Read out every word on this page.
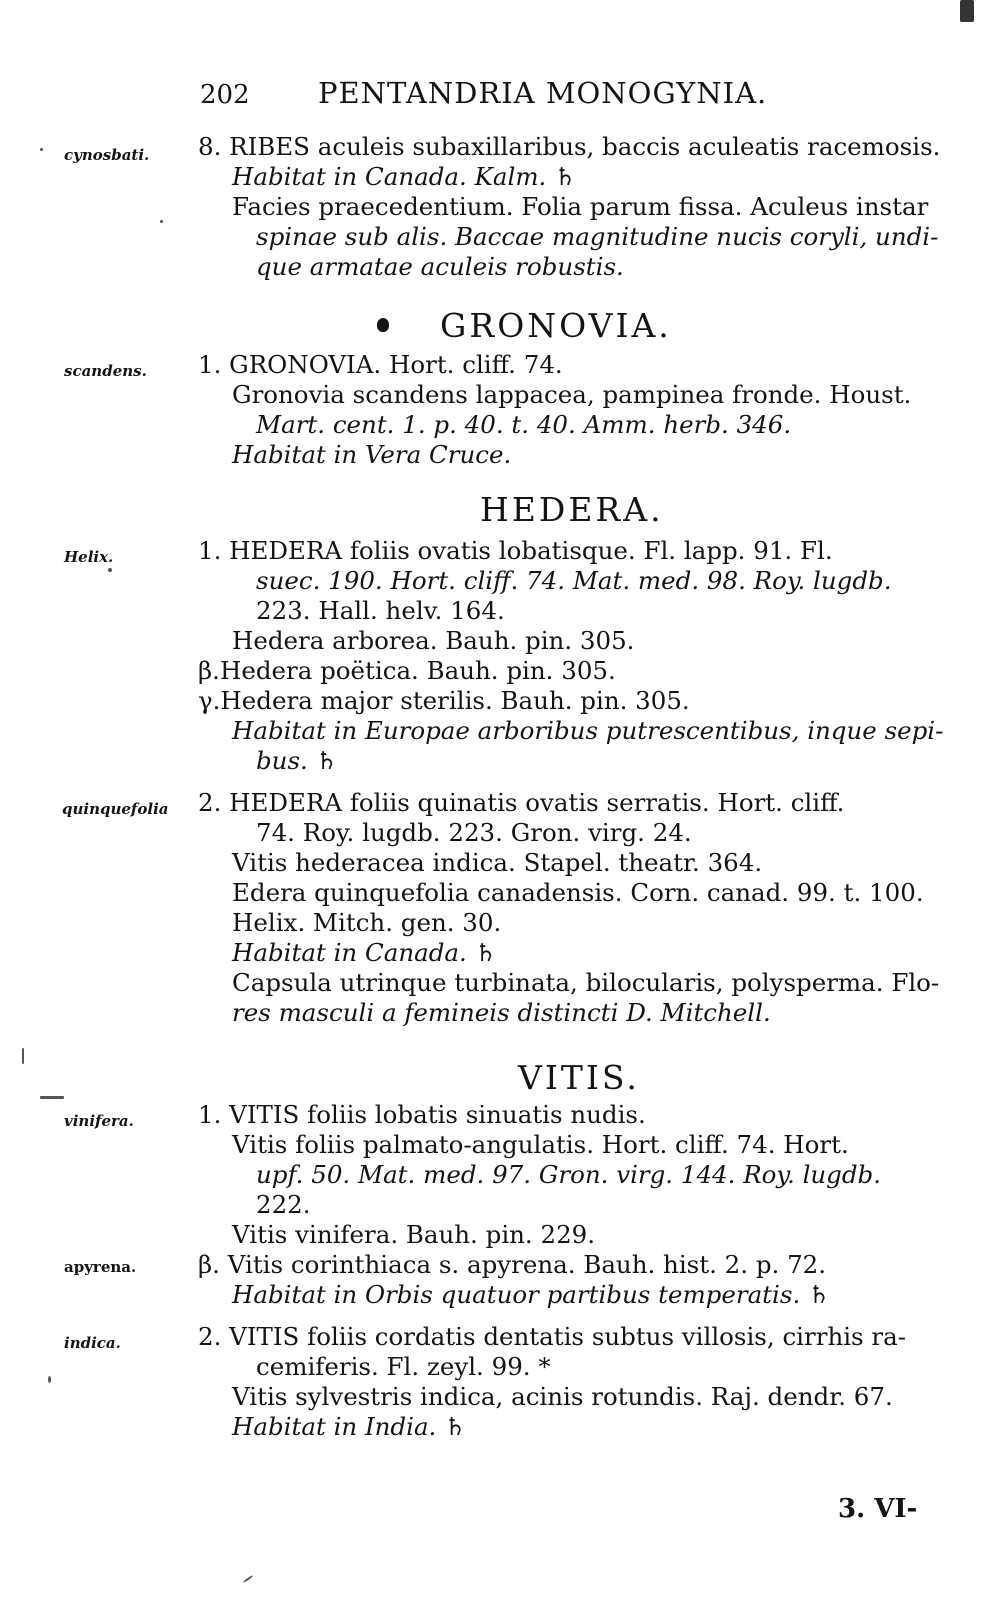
202 PENTANDRIA MONOGYNIA.
cynosbati. 8. RIBES aculeis subaxillaribus, baccis aculeatis racemosis.
Habitat in Canada. Kalm. ♄
Facies praecedentium. Folia parum fissa. Aculeus instar
spinae sub alis. Baccae magnitudine nucis coryli, undi-
que armatae aculeis robustis.
GRONOVIA.
scandens. 1. GRONOVIA. Hort. cliff. 74.
Gronovia scandens lappacea, pampinea fronde. Houst.
Mart. cent. 1. p. 40. t. 40. Amm. herb. 346.
Habitat in Vera Cruce.
HEDERA.
Helix.	1. HEDERA foliis ovatis lobatisque. Fl. lapp. 91. Fl.
suec. 190. Hort. cliff. 74. Mat. med. 98. Roy. lugdb.
223. Hall. helv. 164.
Hedera arborea. Bauh. pin. 305.
β.Hedera poëtica. Bauh. pin. 305.
γ.Hedera major sterilis. Bauh. pin. 305.
Habitat in Europae arboribus putrescentibus, inque sepi-
bus. ♄
quinquefolia 2. HEDERA foliis quinatis ovatis serratis. Hort. cliff.
74. Roy. lugdb. 223. Gron. virg. 24.
Vitis hederacea indica. Stapel. theatr. 364.
Edera quinquefolia canadensis. Corn. canad. 99. t. 100.
Helix. Mitch. gen. 30.
Habitat in Canada. ♄
Capsula utrinque turbinata, bilocularis, polysperma. Flo-
res masculi a femineis distincti D. Mitchell.
VITIS.
vinifera.	1. VITIS foliis lobatis sinuatis nudis.
Vitis foliis palmato-angulatis. Hort. cliff. 74. Hort.
upf. 50. Mat. med. 97. Gron. virg. 144. Roy. lugdb.
222.
Vitis vinifera. Bauh. pin. 229.
apyrena.	β. Vitis corinthiaca s. apyrena. Bauh. hist. 2. p. 72.
Habitat in Orbis quatuor partibus temperatis. ♄
indica.	2. VITIS foliis cordatis dentatis subtus villosis, cirrhis ra-
cemiferis. Fl. zeyl. 99. *
Vitis sylvestris indica, acinis rotundis. Raj. dendr. 67.
Habitat in India. ♄
3. VI-
